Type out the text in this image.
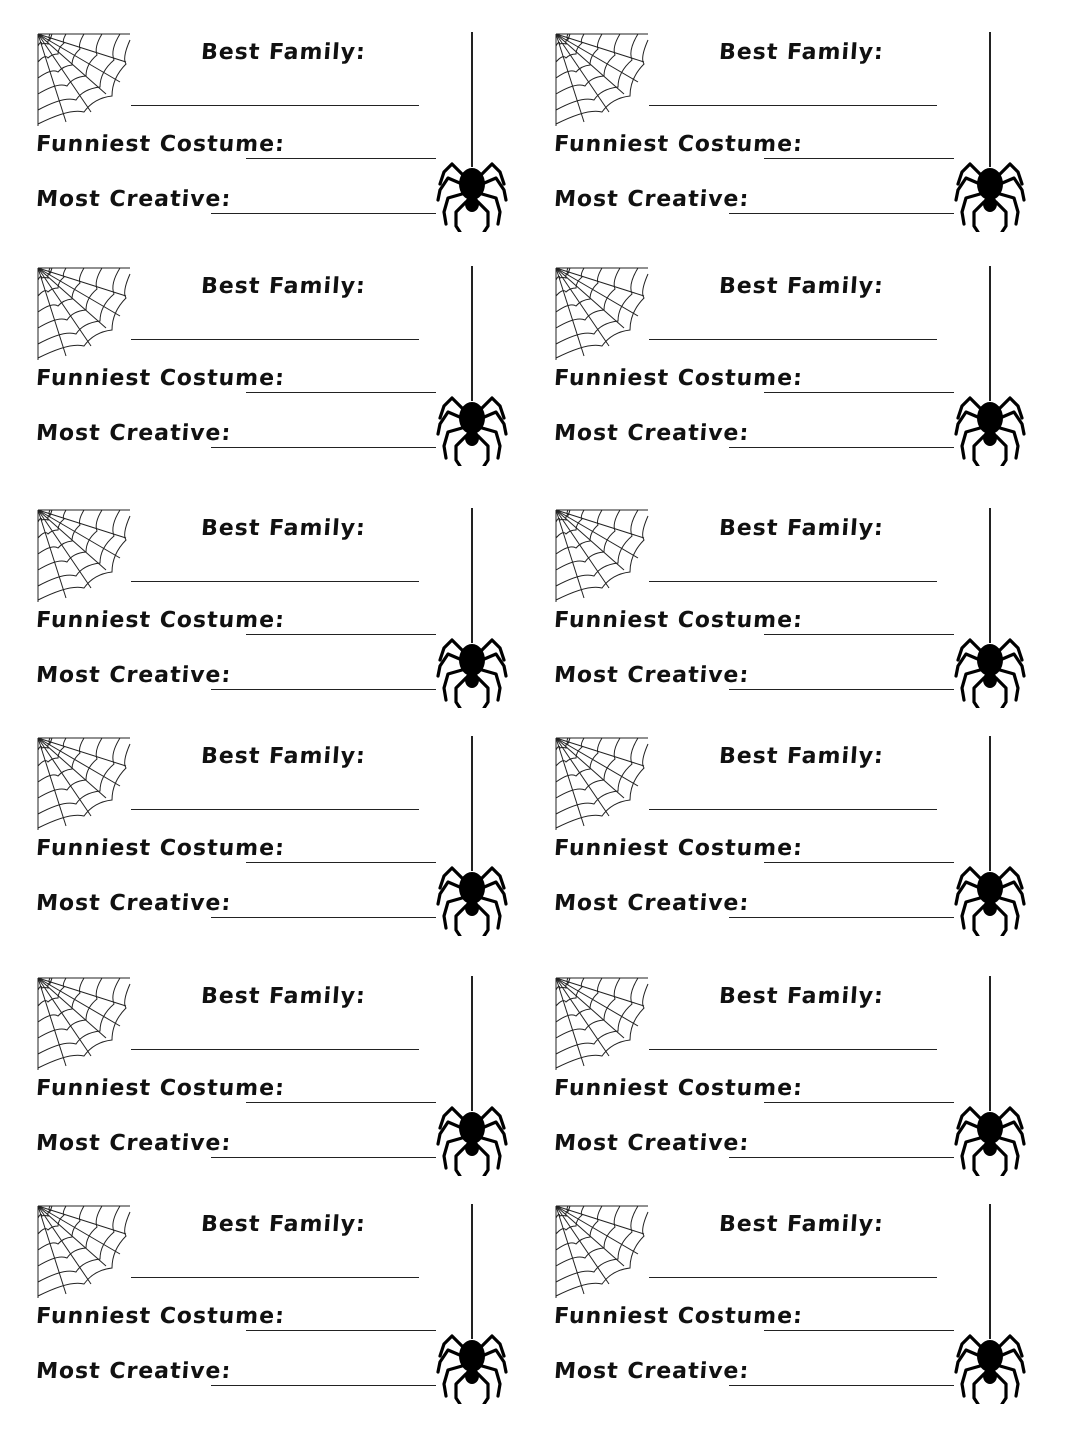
Best Family:
Funniest Costume:
Most Creative:
Best Family:
Funniest Costume:
Most Creative:
Best Family:
Funniest Costume:
Most Creative:
Best Family:
Funniest Costume:
Most Creative:
Best Family:
Funniest Costume:
Most Creative:
Best Family:
Funniest Costume:
Most Creative:
Best Family:
Funniest Costume:
Most Creative:
Best Family:
Funniest Costume:
Most Creative:
Best Family:
Funniest Costume:
Most Creative:
Best Family:
Funniest Costume:
Most Creative:
Best Family:
Funniest Costume:
Most Creative:
Best Family:
Funniest Costume:
Most Creative:
